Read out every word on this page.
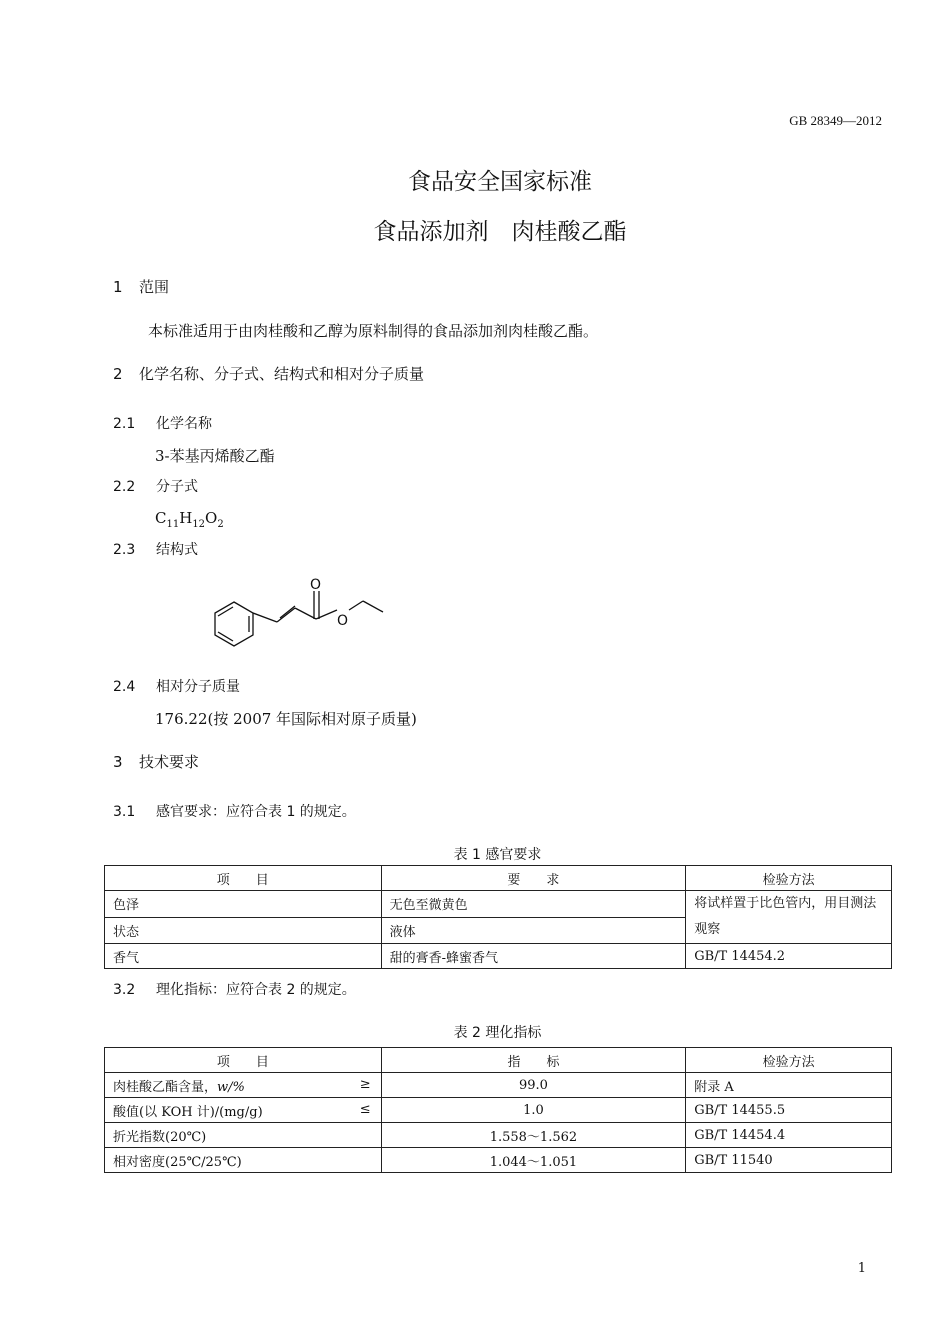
GB 28349—2012
食品安全国家标准
食品添加剂　肉桂酸乙酯
1 范围
本标准适用于由肉桂酸和乙醇为原料制得的食品添加剂肉桂酸乙酯。
2 化学名称、分子式、结构式和相对分子质量
2.1 化学名称
3-苯基丙烯酸乙酯
2.2 分子式
$C_{11}H_{12}O_2$
2.3 结构式
O
O
2.4 相对分子质量
176.22(按 2007 年国际相对原子质量)
3 技术要求
3.1 感官要求：应符合表 1 的规定。
表 1 感官要求
项　　目	要　　求	检验方法
色泽	无色至微黄色	将试样置于比色管内，用目测法观察
状态	液体	
香气	甜的膏香-蜂蜜香气	GB/T 14454.2
3.2 理化指标：应符合表 2 的规定。
表 2 理化指标
项　　目	指　　标	检验方法
肉桂酸乙酯含量，w/% ≥	99.0	附录 A
酸值(以 KOH 计)/(mg/g) ≤	1.0	GB/T 14455.5
折光指数(20℃)	1.558～1.562	GB/T 14454.4
相对密度(25℃/25℃)	1.044～1.051	GB/T 11540
1
